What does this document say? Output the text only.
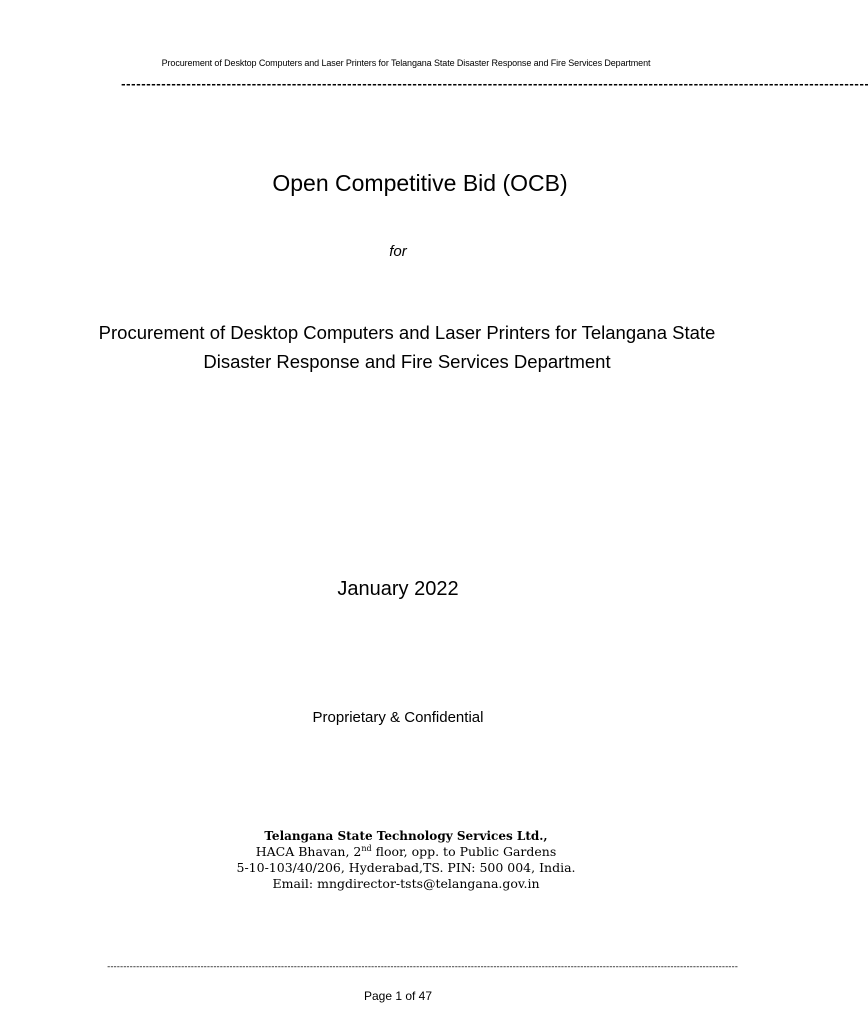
Procurement of Desktop Computers and Laser Printers for Telangana State Disaster Response and Fire Services Department
-----------------------------------------------------------------------------------------------------------------------------------------------------
Open Competitive Bid (OCB)
for
Procurement of Desktop Computers and Laser Printers for Telangana State Disaster Response and Fire Services Department
January 2022
Proprietary & Confidential
Telangana State Technology Services Ltd.,
HACA Bhavan, 2nd floor, opp. to Public Gardens
5-10-103/40/206, Hyderabad,TS. PIN: 500 004, India.
Email: mngdirector-tsts@telangana.gov.in
----------------------------------------------------------------------------------------------------------------------------------------------------------------------------------------------------
Page 1 of 47
